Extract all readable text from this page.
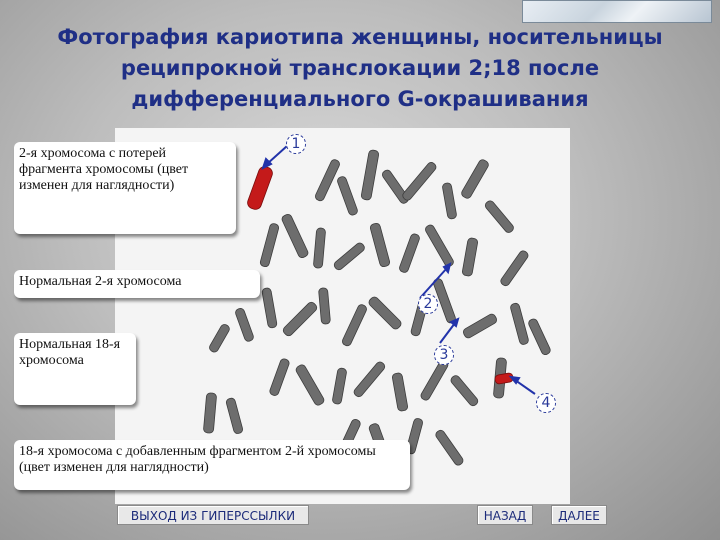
Фотография кариотипа женщины, носительницы
реципрокной транслокации 2;18 после
дифференциального G-окрашивания
1
2
3
4
2-я хромосома с потерей фрагмента хромосомы (цвет изменен для наглядности)
Нормальная 2-я хромосома
Нормальная 18-я хромосома
18-я хромосома с добавленным фрагментом 2-й хромосомы (цвет изменен для наглядности)
ВЫХОД ИЗ ГИПЕРССЫЛКИ	НАЗАД	ДАЛЕЕ
